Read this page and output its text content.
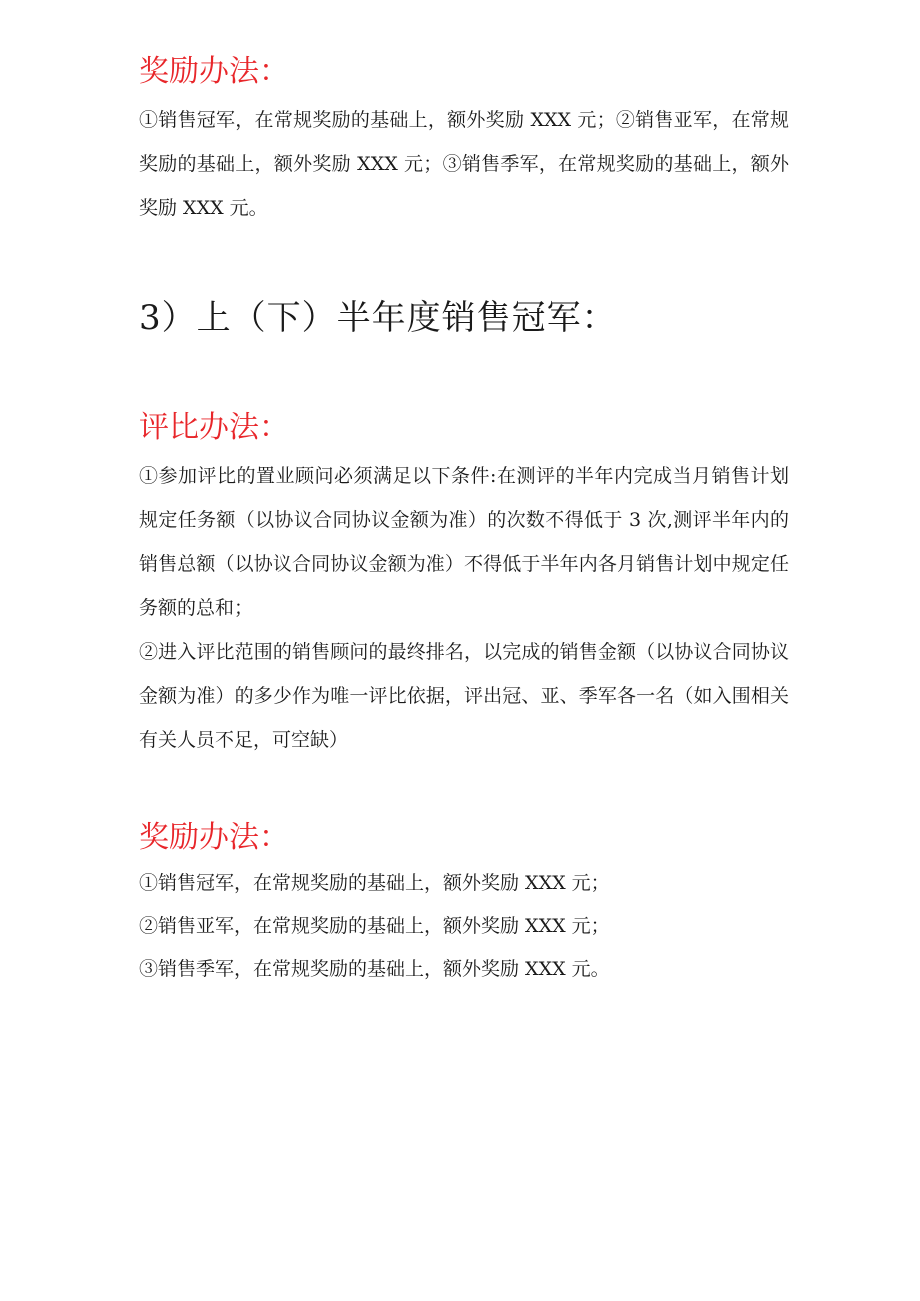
奖励办法：

①销售冠军，在常规奖励的基础上，额外奖励 XXX 元；②销售亚军，在常规奖励的基础上，额外奖励 XXX 元；③销售季军，在常规奖励的基础上，额外奖励 XXX 元。

3）上（下）半年度销售冠军：
评比办法：

①参加评比的置业顾问必须满足以下条件:在测评的半年内完成当月销售计划规定任务额（以协议合同协议金额为准）的次数不得低于 3 次,测评半年内的销售总额（以协议合同协议金额为准）不得低于半年内各月销售计划中规定任务额的总和；

②进入评比范围的销售顾问的最终排名，以完成的销售金额（以协议合同协议金额为准）的多少作为唯一评比依据，评出冠、亚、季军各一名（如入围相关有关人员不足，可空缺）

奖励办法：

①销售冠军，在常规奖励的基础上，额外奖励 XXX 元；

②销售亚军，在常规奖励的基础上，额外奖励 XXX 元；

③销售季军，在常规奖励的基础上，额外奖励 XXX 元。
